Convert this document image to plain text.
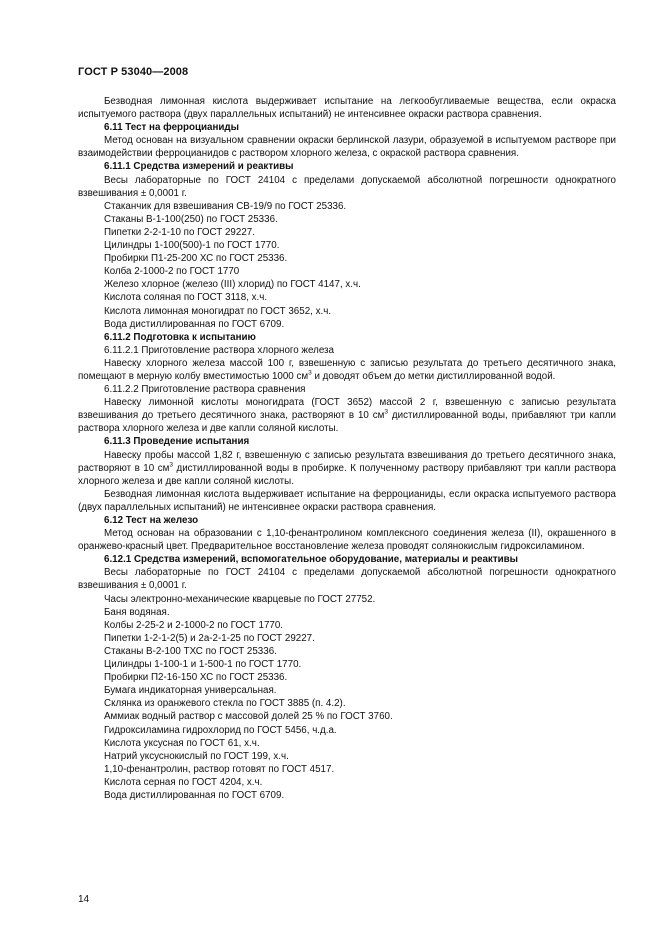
ГОСТ Р 53040—2008

Безводная лимонная кислота выдерживает испытание на легкообугливаемые вещества, если окраска испытуемого раствора (двух параллельных испытаний) не интенсивнее окраски раствора сравнения.

6.11 Тест на ферроцианиды

Метод основан на визуальном сравнении окраски берлинской лазури, образуемой в испытуемом растворе при взаимодействии ферроцианидов с раствором хлорного железа, с окраской раствора сравнения.

6.11.1 Средства измерений и реактивы

Весы лабораторные по ГОСТ 24104 с пределами допускаемой абсолютной погрешности однократного взвешивания ± 0,0001 г.

Стаканчик для взвешивания СВ-19/9 по ГОСТ 25336.

Стаканы В-1-100(250) по ГОСТ 25336.

Пипетки 2-2-1-10 по ГОСТ 29227.

Цилиндры 1-100(500)-1 по ГОСТ 1770.

Пробирки П1-25-200 ХС по ГОСТ 25336.

Колба 2-1000-2 по ГОСТ 1770

Железо хлорное (железо (III) хлорид) по ГОСТ 4147, х.ч.

Кислота соляная по ГОСТ 3118, х.ч.

Кислота лимонная моногидрат по ГОСТ 3652, х.ч.

Вода дистиллированная по ГОСТ 6709.

6.11.2 Подготовка к испытанию

6.11.2.1 Приготовление раствора хлорного железа

Навеску хлорного железа массой 100 г, взвешенную с записью результата до третьего десятичного знака, помещают в мерную колбу вместимостью 1000 $см^3$ и доводят объем до метки дистиллированной водой.

6.11.2.2 Приготовление раствора сравнения

Навеску лимонной кислоты моногидрата (ГОСТ 3652) массой 2 г, взвешенную с записью результата взвешивания до третьего десятичного знака, растворяют в 10 $см^3$ дистиллированной воды, прибавляют три капли раствора хлорного железа и две капли соляной кислоты.

6.11.3 Проведение испытания

Навеску пробы массой 1,82 г, взвешенную с записью результата взвешивания до третьего десятичного знака, растворяют в 10 $см^3$ дистиллированной воды в пробирке. К полученному раствору прибавляют три капли раствора хлорного железа и две капли соляной кислоты.

Безводная лимонная кислота выдерживает испытание на ферроцианиды, если окраска испытуемого раствора (двух параллельных испытаний) не интенсивнее окраски раствора сравнения.

6.12 Тест на железо

Метод основан на образовании с 1,10-фенантролином комплексного соединения железа (II), окрашенного в оранжево-красный цвет. Предварительное восстановление железа проводят солянокислым гидроксиламином.

6.12.1 Средства измерений, вспомогательное оборудование, материалы и реактивы

Весы лабораторные по ГОСТ 24104 с пределами допускаемой абсолютной погрешности однократного взвешивания ± 0,0001 г.

Часы электронно-механические кварцевые по ГОСТ 27752.

Баня водяная.

Колбы 2-25-2 и 2-1000-2 по ГОСТ 1770.

Пипетки 1-2-1-2(5) и 2а-2-1-25 по ГОСТ 29227.

Стаканы В-2-100 ТХС по ГОСТ 25336.

Цилиндры 1-100-1 и 1-500-1 по ГОСТ 1770.

Пробирки П2-16-150 ХС по ГОСТ 25336.

Бумага индикаторная универсальная.

Склянка из оранжевого стекла по ГОСТ 3885 (п. 4.2).

Аммиак водный раствор с массовой долей 25 % по ГОСТ 3760.

Гидроксиламина гидрохлорид по ГОСТ 5456, ч.д.а.

Кислота уксусная по ГОСТ 61, х.ч.

Натрий уксуснокислый по ГОСТ 199, х.ч.

1,10-фенантролин, раствор готовят по ГОСТ 4517.

Кислота серная по ГОСТ 4204, х.ч.

Вода дистиллированная по ГОСТ 6709.

14
